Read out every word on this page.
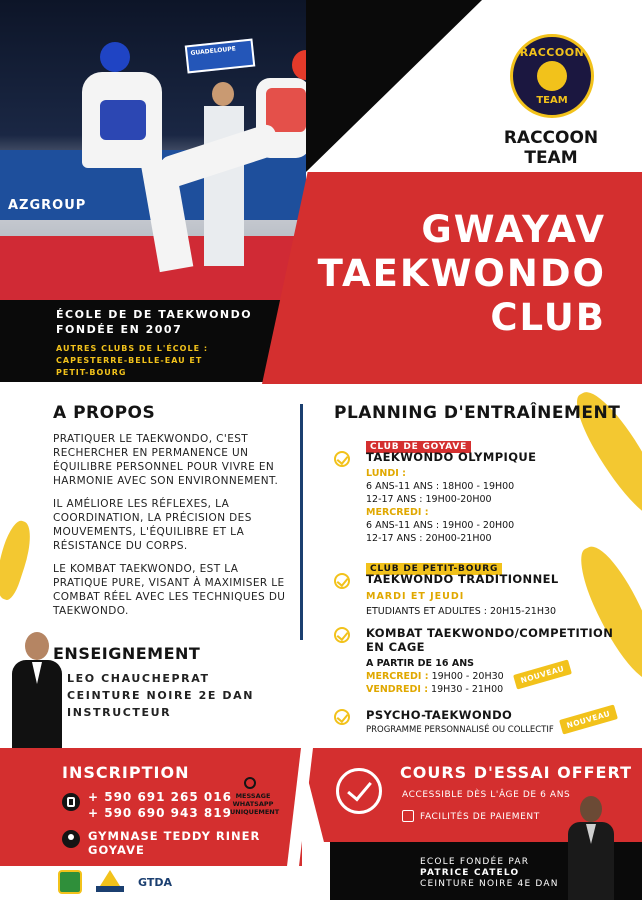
AZGROUP
GUADELOUPE	RACCOON
TEAM
RACCOON TEAM
GWAYAV
TAEKWONDO
CLUB
ÉCOLE DE DE TAEKWONDO
FONDÉE EN 2007
AUTRES CLUBS DE L'ÉCOLE :
CAPESTERRE-BELLE-EAU ET
PETIT-BOURG
A PROPOS
PRATIQUER LE TAEKWONDO, C'EST RECHERCHER EN PERMANENCE UN ÉQUILIBRE PERSONNEL POUR VIVRE EN HARMONIE AVEC SON ENVIRONNEMENT.
IL AMÉLIORE LES RÉFLEXES, LA COORDINATION, LA PRÉCISION DES MOUVEMENTS, L'ÉQUILIBRE ET LA RÉSISTANCE DU CORPS.
LE KOMBAT TAEKWONDO, EST LA PRATIQUE PURE, VISANT À MAXIMISER LE COMBAT RÉEL AVEC LES TECHNIQUES DU TAEKWONDO.
ENSEIGNEMENT
LEO CHAUCHEPRAT
CEINTURE NOIRE 2E DAN
INSTRUCTEUR
PLANNING D'ENTRAÎNEMENT
CLUB DE GOYAVE
TAEKWONDO OLYMPIQUE
LUNDI :
6 ANS-11 ANS : 18H00 - 19H00
12-17 ANS : 19H00-20H00
MERCREDI :
6 ANS-11 ANS : 19H00 - 20H00
12-17 ANS : 20H00-21H00
CLUB DE PETIT-BOURG
TAEKWONDO TRADITIONNEL
MARDI ET JEUDI
ETUDIANTS ET ADULTES : 20H15-21H30
KOMBAT TAEKWONDO/COMPETITION
EN CAGE
A PARTIR DE 16 ANS
MERCREDI : 19H00 - 20H30
VENDREDI : 19H30 - 21H00
NOUVEAU
PSYCHO-TAEKWONDO
PROGRAMME PERSONNALISÉ OU COLLECTIF	NOUVEAU
INSCRIPTION
+ 590 691 265 016
+ 590 690 943 819
MESSAGE
WHATSAPP
UNIQUEMENT
GYMNASE TEDDY RINER
GOYAVE
GTDA
COURS D'ESSAI OFFERT
ACCESSIBLE DÈS L'ÂGE DE 6 ANS
FACILITÉS DE PAIEMENT
ECOLE FONDÉE PAR
PATRICE CATELO
CEINTURE NOIRE 4E DAN
